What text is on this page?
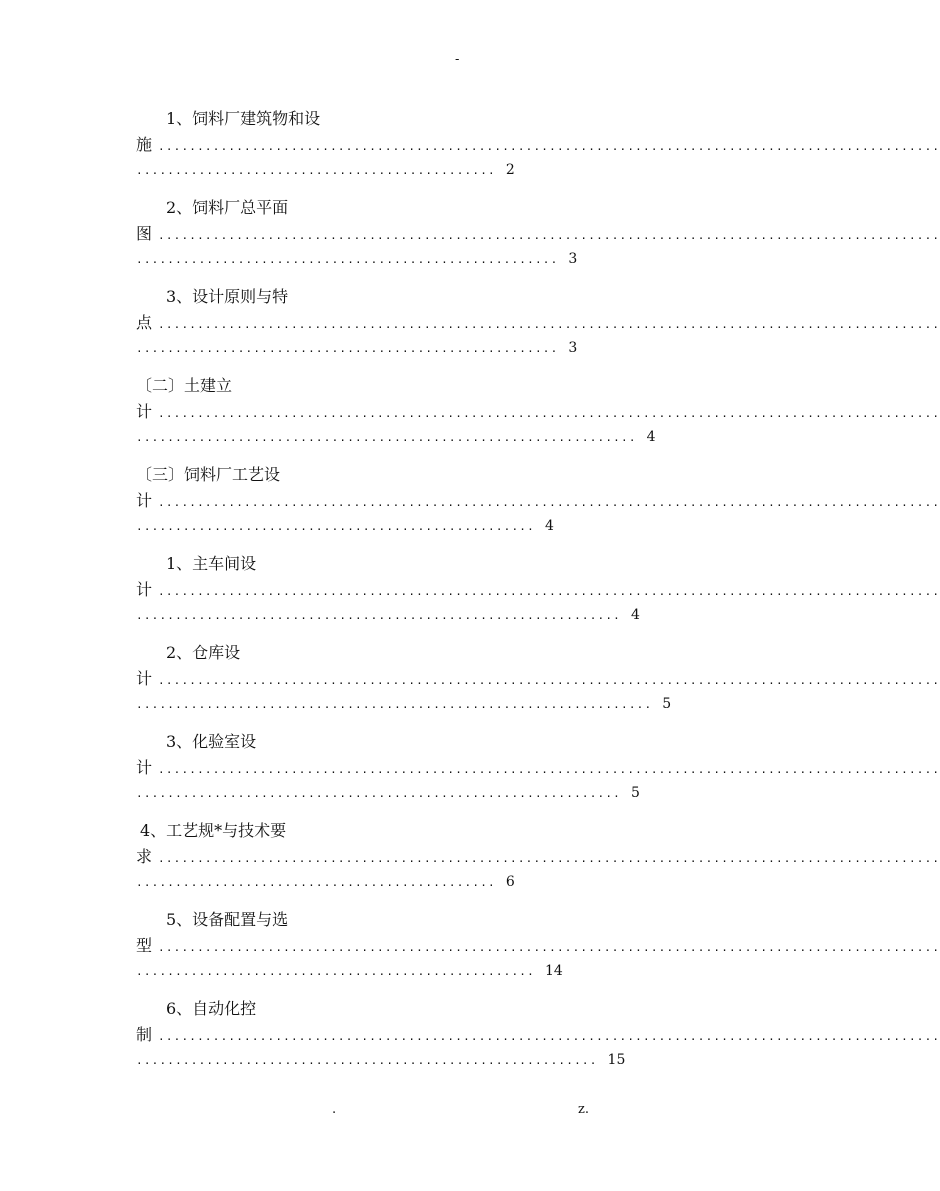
-
1、饲料厂建筑物和设
施 ....................................................................................................
.............................................. 2
2、饲料厂总平面
图 ....................................................................................................
...................................................... 3
3、设计原则与特
点 ....................................................................................................
...................................................... 3
〔二〕土建立
计 ....................................................................................................
................................................................ 4
〔三〕饲料厂工艺设
计 ....................................................................................................
................................................... 4
1、主车间设
计 ....................................................................................................
.............................................................. 4
2、仓库设
计 ....................................................................................................
.................................................................. 5
3、化验室设
计 ....................................................................................................
.............................................................. 5
4、工艺规*与技术要
求 ....................................................................................................
.............................................. 6
5、设备配置与选
型 ....................................................................................................
................................................... 14
6、自动化控
制 ....................................................................................................
........................................................... 15
.	z.
